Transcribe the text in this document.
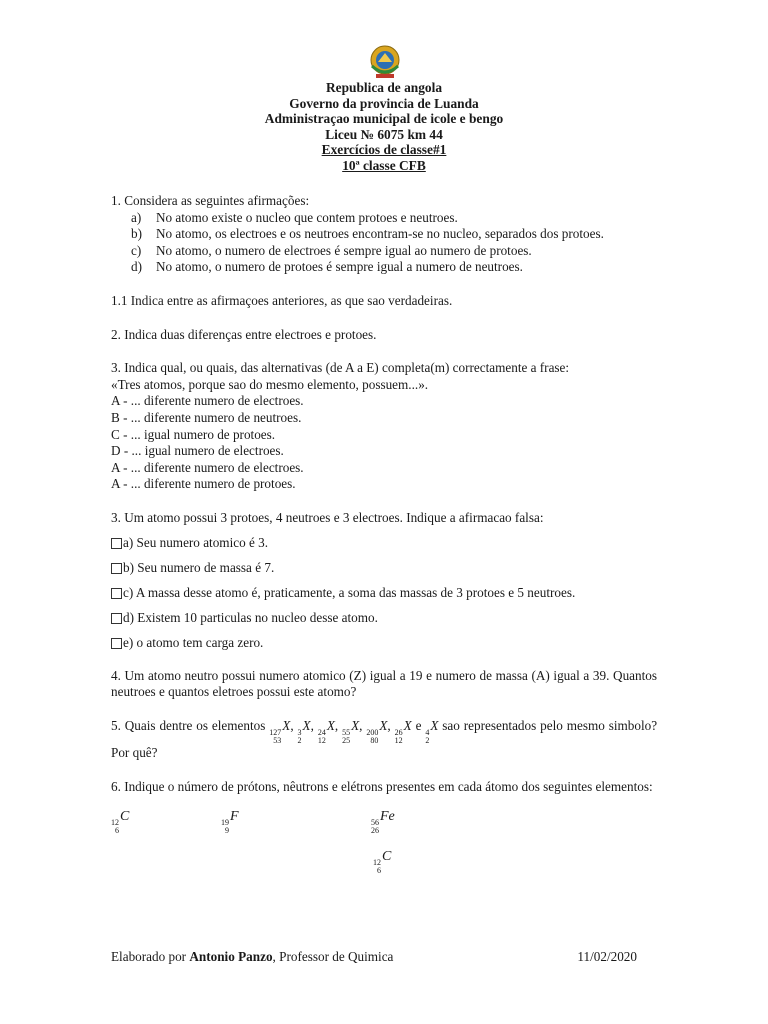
Republica de angola
Governo da provincia de Luanda
Administraçao municipal de icole e bengo
Liceu № 6075 km 44
Exercícios de classe#1
10ª classe CFB

1. Considera as seguintes afirmações:

a)	No atomo existe o nucleo que contem protoes e neutroes.
b)	No atomo, os electroes e os neutroes encontram-se no nucleo, separados dos protoes.
c)	No atomo, o numero de electroes é sempre igual ao numero de protoes.
d)	No atomo, o numero de protoes é sempre igual a numero de neutroes.

1.1 Indica entre as afirmaçoes anteriores, as que sao verdadeiras.

2. Indica duas diferenças entre electroes e protoes.

3. Indica qual, ou quais, das alternativas (de A a E) completa(m) correctamente a frase:

«Tres atomos, porque sao do mesmo elemento, possuem...».

A - ... diferente numero de electroes.

B - ... diferente numero de neutroes.

C - ... igual numero de protoes.

D - ... igual numero de electroes.

A - ... diferente numero de electroes.

A - ... diferente numero de protoes.

3. Um atomo possui 3 protoes, 4 neutroes e 3 electroes. Indique a afirmacao falsa:

a) Seu numero atomico é 3.
b) Seu numero de massa é 7.
c) A massa desse atomo é, praticamente, a soma das massas de 3 protoes e 5 neutroes.
d) Existem 10 particulas no nucleo desse atomo.
e) o atomo tem carga zero.

4. Um atomo neutro possui numero atomico (Z) igual a 19 e numero de massa (A) igual a 39. Quantos neutroes e quantos eletroes possui este atomo?

5. Quais dentre os elementos 127
53
X, 3
2
X, 24
12
X, 55
25
X, 200
80
X, 26
12
X e 4
2
X sao representados pelo mesmo simbolo? Por quê?

6. Indique o número de prótons, nêutrons e elétrons presentes em cada átomo dos seguintes elementos:

12
6
C	19
9
F	56
26
Fe
12
6
C
Elaborado por Antonio Panzo, Professor de Quimica	11/02/2020
